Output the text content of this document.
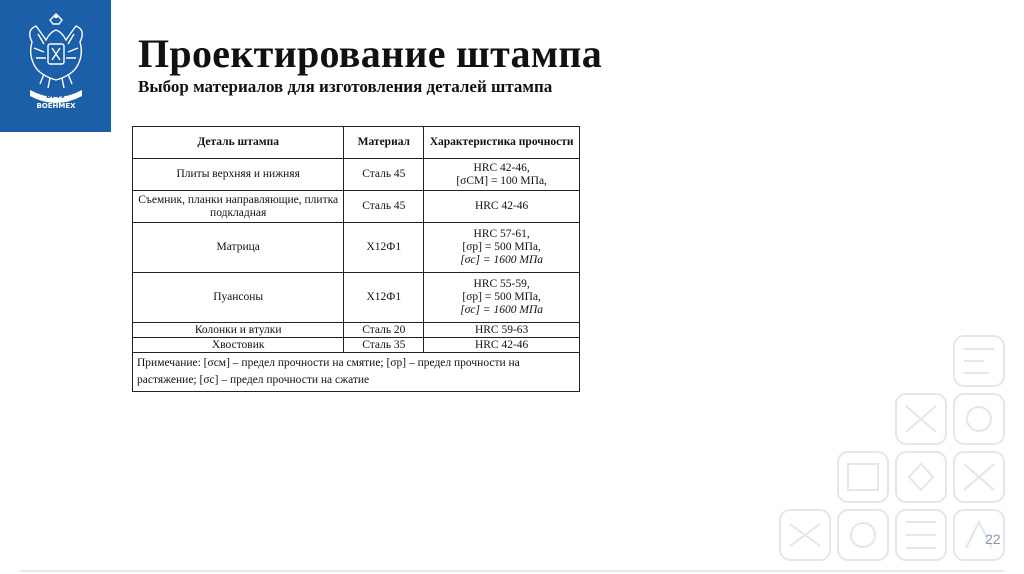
БГТУ
ВОЕНМЕХ
Проектирование штампа
Выбор материалов для изготовления деталей штампа
Деталь штампа	Материал	Характеристика прочности
Плиты верхняя и нижняя	Сталь 45	HRC 42-46,
[σCM] = 100 МПа,

Съемник, планки направляющие, плитка подкладная	Сталь 45	HRC 42-46

Матрица	Х12Ф1	HRC 57-61,
[σp] = 500 МПа,
[σc] = 1600 МПа

Пуансоны	Х12Ф1	HRC 55-59,
[σp] = 500 МПа,
[σc] = 1600 МПа

Колонки и втулки	Сталь 20	HRC 59-63

Хвостовик	Сталь 35	HRC 42-46

Примечание: [σсм] – предел прочности на смятие; [σp] – предел прочности на растяжение; [σc] – предел прочности на сжатие		
22
